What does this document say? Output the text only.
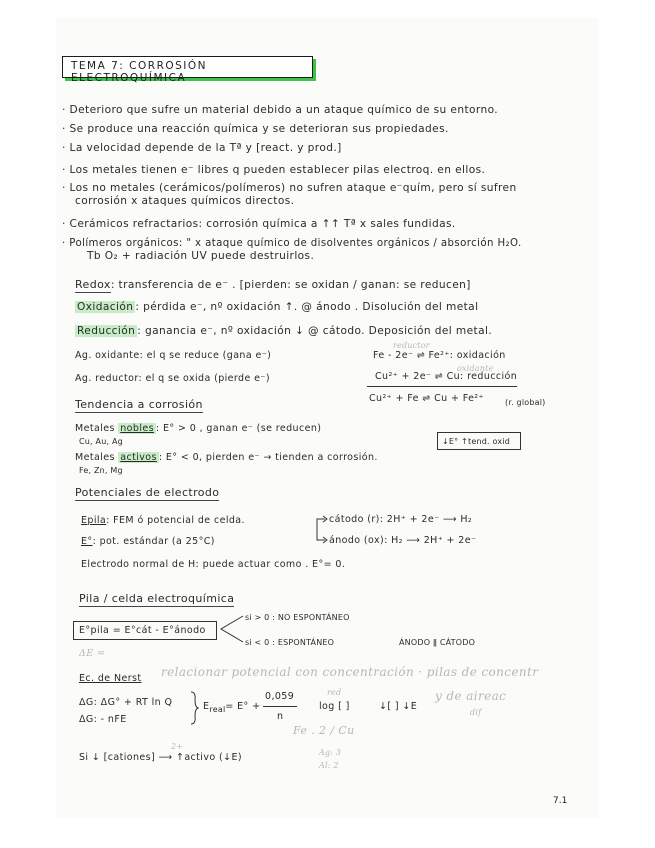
TEMA 7: CORROSIÓN ELECTROQUÍMICA
· Deterioro que sufre un material debido a un ataque químico de su entorno.
· Se produce una reacción química y se deterioran sus propiedades.
· La velocidad depende de la Tª y [react. y prod.]
· Los metales tienen e⁻ libres q pueden establecer pilas electroq. en ellos.
· Los no metales (cerámicos/polímeros) no sufren ataque e⁻quím, pero sí sufren
corrosión x ataques químicos directos.
· Cerámicos refractarios: corrosión química a ↑↑ Tª x sales fundidas.
· Polímeros orgánicos: " x ataque químico de disolventes orgánicos / absorción H₂O.
Tb O₂ + radiación UV puede destruirlos.
Redox: transferencia de e⁻ . [pierden: se oxidan / ganan: se reducen]
Oxidación : pérdida e⁻, nº oxidación ↑. @ ánodo . Disolución del metal
Reducción : ganancia e⁻, nº oxidación ↓ @ cátodo. Deposición del metal.
Ag. oxidante: el q se reduce (gana e⁻)
Ag. reductor: el q se oxida (pierde e⁻)
reductor
Fe - 2e⁻ ⇌ Fe²⁺: oxidación
oxidante
Cu²⁺ + 2e⁻ ⇌ Cu: reducción
Cu²⁺ + Fe ⇌ Cu + Fe²⁺	(r. global)
Tendencia a corrosión
Metales nobles : E° > 0 , ganan e⁻ (se reducen)
Cu, Au, Ag
Metales activos : E° < 0, pierden e⁻ → tienden a corrosión.
Fe, Zn, Mg
↓E° ↑tend. oxid
Potenciales de electrodo
Epila: FEM ó potencial de celda.
E°: pot. estándar (a 25°C)
cátodo (r): 2H⁺ + 2e⁻ ⟶ H₂
ánodo (ox): H₂ ⟶ 2H⁺ + 2e⁻
Electrodo normal de H: puede actuar como . E°= 0.
Pila / celda electroquímica
E°pila = E°cát - E°ánodo
si > 0 : NO ESPONTÁNEO
si < 0 : ESPONTÁNEO	ÁNODO ǁ CÁTODO
ΔE =
Ec. de Nerst relacionar potencial con concentración · pilas de concentr
y de aireac
dif
ΔG: ΔG° + RT ln Q
ΔG: - nFE
$E_{real}= E^\circ$ +
red
0,059
n
log [ ]	↓[ ] ↓E
Fe . 2 / Cu
2+
Si ↓ [cationes] ⟶ ↑activo (↓E)	Ag: 3
Al: 2
7.1
